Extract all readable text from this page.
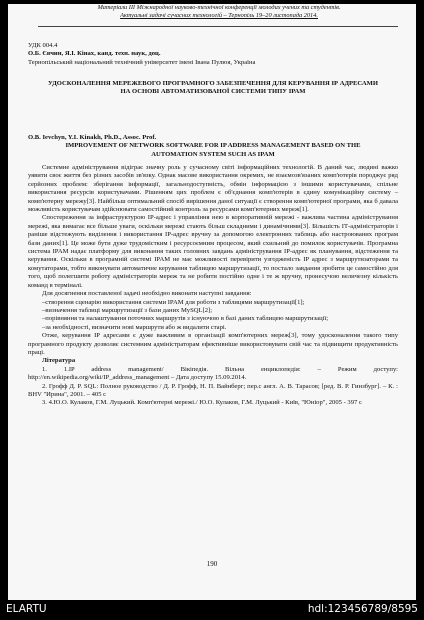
Матеріали ІІІ Міжнародної науково-технічної конференції молодих учених та студентів.
Актуальні задачі сучасних технологій – Тернопіль 19–20 листопада 2014.

УДК 004.4

О.Б. Євчин, Я.І. Кінах, канд. техн. наук, доц.

Тернопільський національний технічний університет імені Івана Пулюя, Україна

УДОСКОНАЛЕННЯ МЕРЕЖЕВОГО ПРОГРАМНОГО ЗАБЕЗПЕЧЕННЯ ДЛЯ КЕРУВАННЯ ІР АДРЕСАМИ НА ОСНОВІ АВТОМАТИЗОВАНОЇ СИСТЕМИ ТИПУ ІРАМ

O.B. Ievchyn, Y.I. Kinakh, Ph.D., Assoc. Prof.

IMPROVEMENT OF NETWORK SOFTWARE FOR IP ADDRESS MANAGEMENT BASED ON THE AUTOMATION SYSTEM SUCH AS IPAM

Системне адміністрування відіграє значну роль у сучасному світі інформаційних технологій. В даний час, людині важко уявити своє життя без різних засобів зв'язку. Однак масове використання окремих, не взаємозв'язаних комп'ютерів породжує ряд серйозних проблем: зберігання інформації, загальнодоступність, обмін інформацією з іншими користувачами, спільне використання ресурсів користувачами. Рішенням цих проблем є об'єднання комп'ютерів в єдину комунікаційну систему – комп'ютерну мережу[3]. Найбільш оптимальний спосіб вирішення даної ситуації є створення комп'ютерної програми, яка б давала можливість користувачам здійснювати самостійний контроль за ресурсами комп'ютерних мереж[1].

Спостереження за інфраструктурою ІР-адрес і управління нею в корпоративній мережі - важлива частина адміністрування мережі, яка вимагає все більше уваги, оскільки мережі стають більш складними і динамічними[3]. Більшість ІТ-адміністраторів і раніше відстежують виділення і використання ІР-адрес вручну за допомогою електронних таблиць або настроюваних програм бази даних[1]. Це може бути дуже трудомістким і ресурсоємним процесом, який схильний до помилок користувачів. Програмна система IPAM надає платформу для виконання таких головних завдань адміністрування ІР-адрес як планування, відстеження та керування. Оскільки в програмній системі IPAM не має можливості перевірити узгодженість ІР адрес з маршрутизаторами та комутаторами, тобто виконувати автоматичне керування таблицею маршрутизації, то постало завдання зробити це самостійно для того, щоб полегшити роботу адміністраторів мереж та не робити постійно одне і те ж вручну, пронесучою величезну кількість команд в терміналі.

Для досягнення поставленої задачі необхідно виконати наступні завдання:

–створення сценарію використання системи IPAM для роботи з таблицями маршрутизації[1];

–визначення таблиці маршрутизації з бази даних MySQL[2];

–порівняння та налаштування поточних маршрутів з існуючою в базі даних таблицею маршрутизації;

–за необхідності, визначити нові маршрути або ж видалити старі.

Отже, керування ІР адресами є дуже важливим в організації комп'ютерних мереж[3], тому удосконалення такого типу програмного продукту дозволяє системним адміністраторам ефективніше використовувати свій час та підвищити продуктивність праці.

Література

1. 1.IP address management/ Вікіпедія. Вільна енциклопедія: – Режим доступу: http://en.wikipedia.org/wiki/IP_address_management – Дата доступу 15.09.2014.

2. Грофф Д. Р. SQL: Полное руководство / Д. Р. Грофф, Н. П. Вайнберг; пер.с англ. А. В. Тарасов; [ред. В. Р. Гинзбург]. – К. : BHV "Ирина", 2001. – 405 с

3. 4.Ю.О. Кулаков, Г.М. Луцький. Комп'ютерні мережі./ Ю.О. Кулаков, Г.М. Луцький - Київ, "Юніор", 2005 - 397 с

190
ELARTU	hdl:123456789/8595
